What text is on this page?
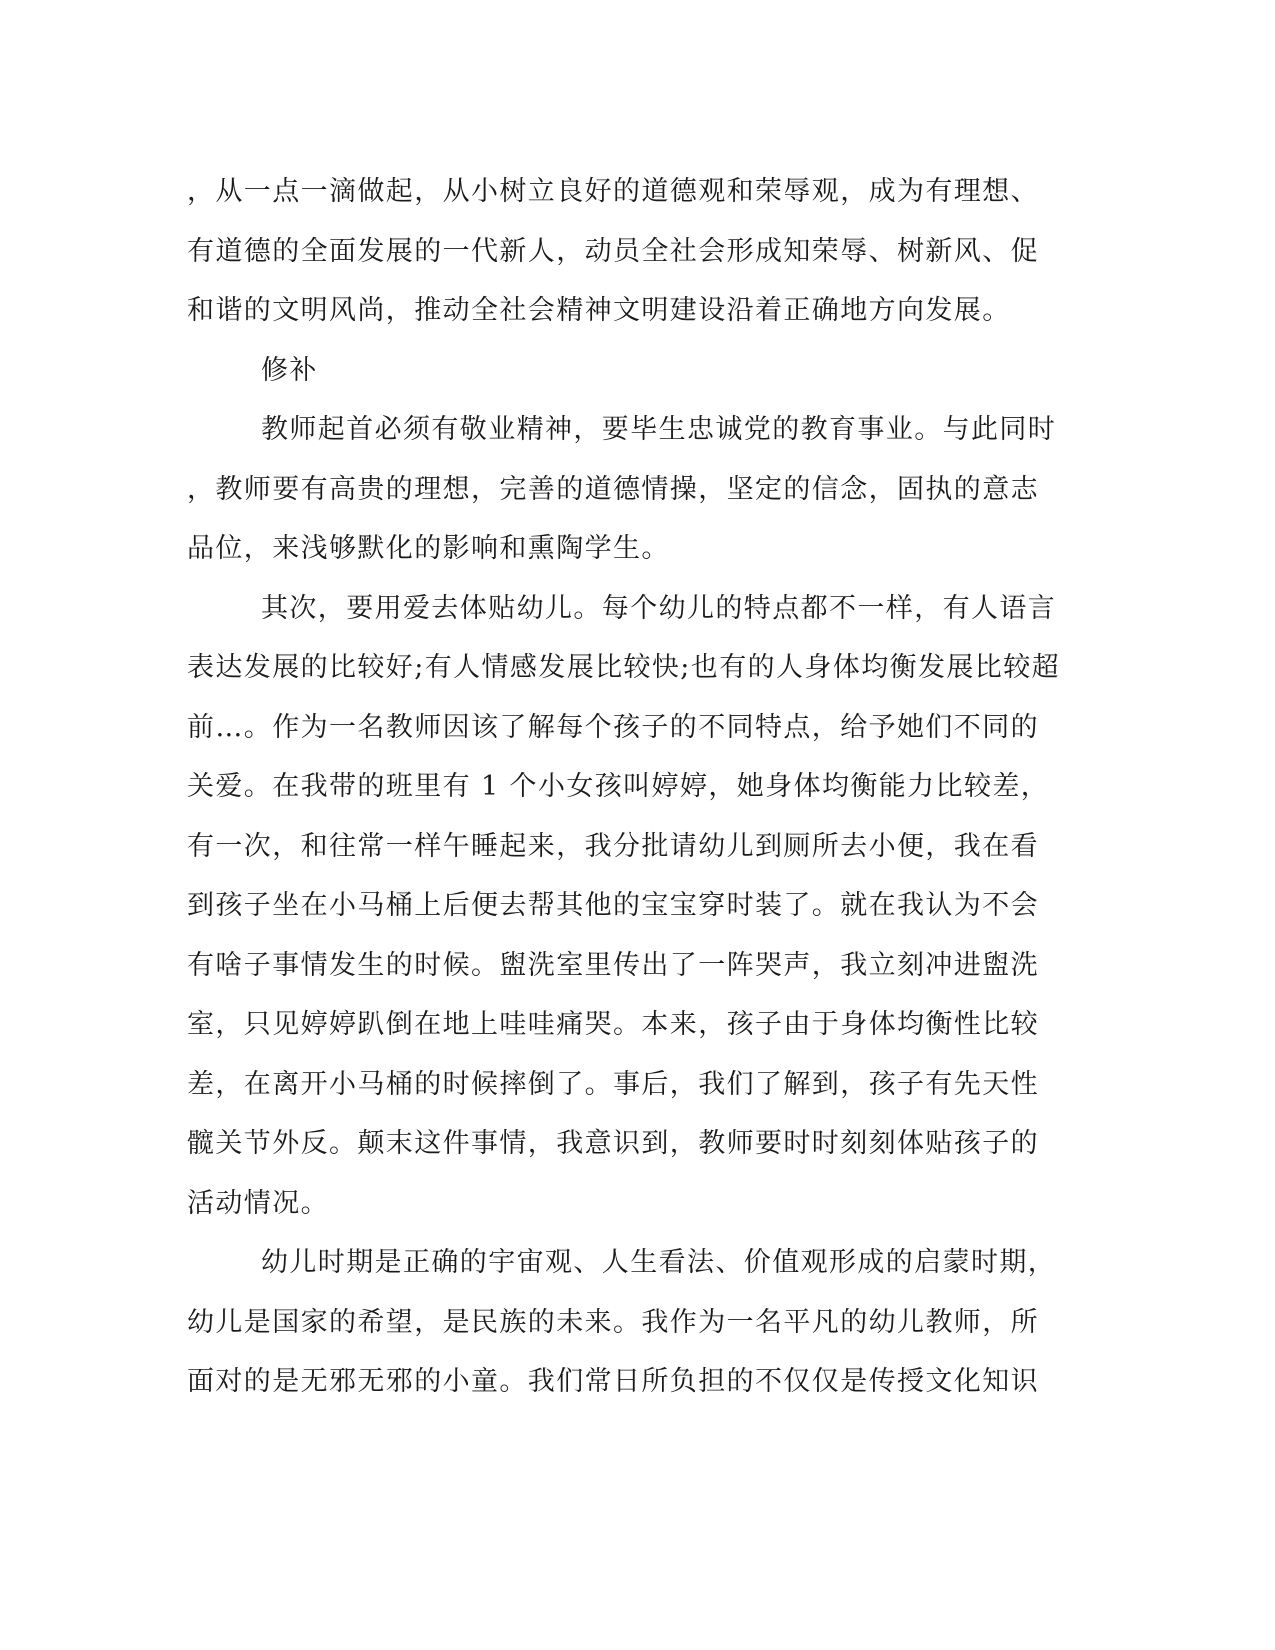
，从一点一滴做起，从小树立良好的道德观和荣辱观，成为有理想、
有道德的全面发展的一代新人，动员全社会形成知荣辱、树新风、促
和谐的文明风尚，推动全社会精神文明建设沿着正确地方向发展。
修补
教师起首必须有敬业精神，要毕生忠诚党的教育事业。与此同时
，教师要有高贵的理想，完善的道德情操，坚定的信念，固执的意志
品位，来浅够默化的影响和熏陶学生。
其次，要用爱去体贴幼儿。每个幼儿的特点都不一样，有人语言
表达发展的比较好;有人情感发展比较快;也有的人身体均衡发展比较超
前…。作为一名教师因该了解每个孩子的不同特点，给予她们不同的
关爱。在我带的班里有 1 个小女孩叫婷婷，她身体均衡能力比较差，
有一次，和往常一样午睡起来，我分批请幼儿到厕所去小便，我在看
到孩子坐在小马桶上后便去帮其他的宝宝穿时装了。就在我认为不会
有啥子事情发生的时候。盥洗室里传出了一阵哭声，我立刻冲进盥洗
室，只见婷婷趴倒在地上哇哇痛哭。本来，孩子由于身体均衡性比较
差，在离开小马桶的时候摔倒了。事后，我们了解到，孩子有先天性
髋关节外反。颠末这件事情，我意识到，教师要时时刻刻体贴孩子的
活动情况。
幼儿时期是正确的宇宙观、人生看法、价值观形成的启蒙时期，
幼儿是国家的希望，是民族的未来。我作为一名平凡的幼儿教师，所
面对的是无邪无邪的小童。我们常日所负担的不仅仅是传授文化知识
